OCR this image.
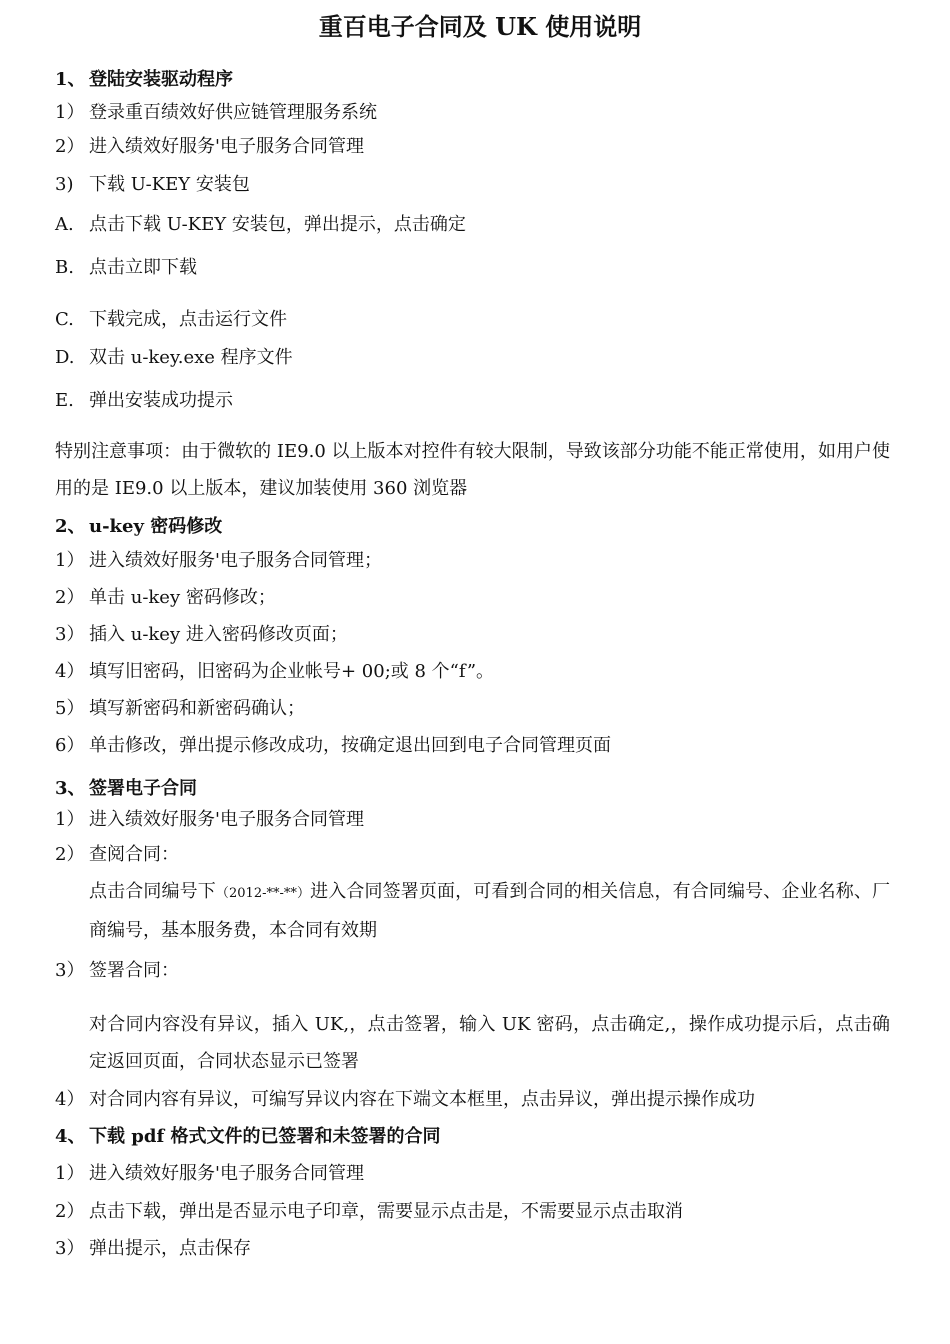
重百电子合同及 UK 使用说明
1、 登陆安装驱动程序
1） 登录重百绩效好供应链管理服务系统
2） 进入绩效好服务'电子服务合同管理
3) 下载 U-KEY 安装包
A. 点击下载 U-KEY 安装包，弹出提示，点击确定
B. 点击立即下载
C. 下载完成，点击运行文件
D. 双击 u-key.exe 程序文件
E. 弹出安装成功提示
特别注意事项：由于微软的 IE9.0 以上版本对控件有较大限制，导致该部分功能不能正常使用，如用户使用的是 IE9.0 以上版本，建议加装使用 360 浏览器
2、 u-key 密码修改
1） 进入绩效好服务'电子服务合同管理；
2） 单击 u-key 密码修改；
3） 插入 u-key 进入密码修改页面；
4） 填写旧密码，旧密码为企业帐号+ 00;或 8 个“f”。
5） 填写新密码和新密码确认；
6） 单击修改，弹出提示修改成功，按确定退出回到电子合同管理页面
3、 签署电子合同
1） 进入绩效好服务'电子服务合同管理
2） 查阅合同：
点击合同编号下（2012-**-**）进入合同签署页面，可看到合同的相关信息，有合同编号、企业名称、厂商编号，基本服务费，本合同有效期
3） 签署合同：
对合同内容没有异议，插入 UK,，点击签署，输入 UK 密码，点击确定,，操作成功提示后，点击确定返回页面，合同状态显示已签署
4） 对合同内容有异议，可编写异议内容在下端文本框里，点击异议，弹出提示操作成功
4、 下载 pdf 格式文件的已签署和未签署的合同
1） 进入绩效好服务'电子服务合同管理
2） 点击下载，弹出是否显示电子印章，需要显示点击是，不需要显示点击取消
3） 弹出提示，点击保存
